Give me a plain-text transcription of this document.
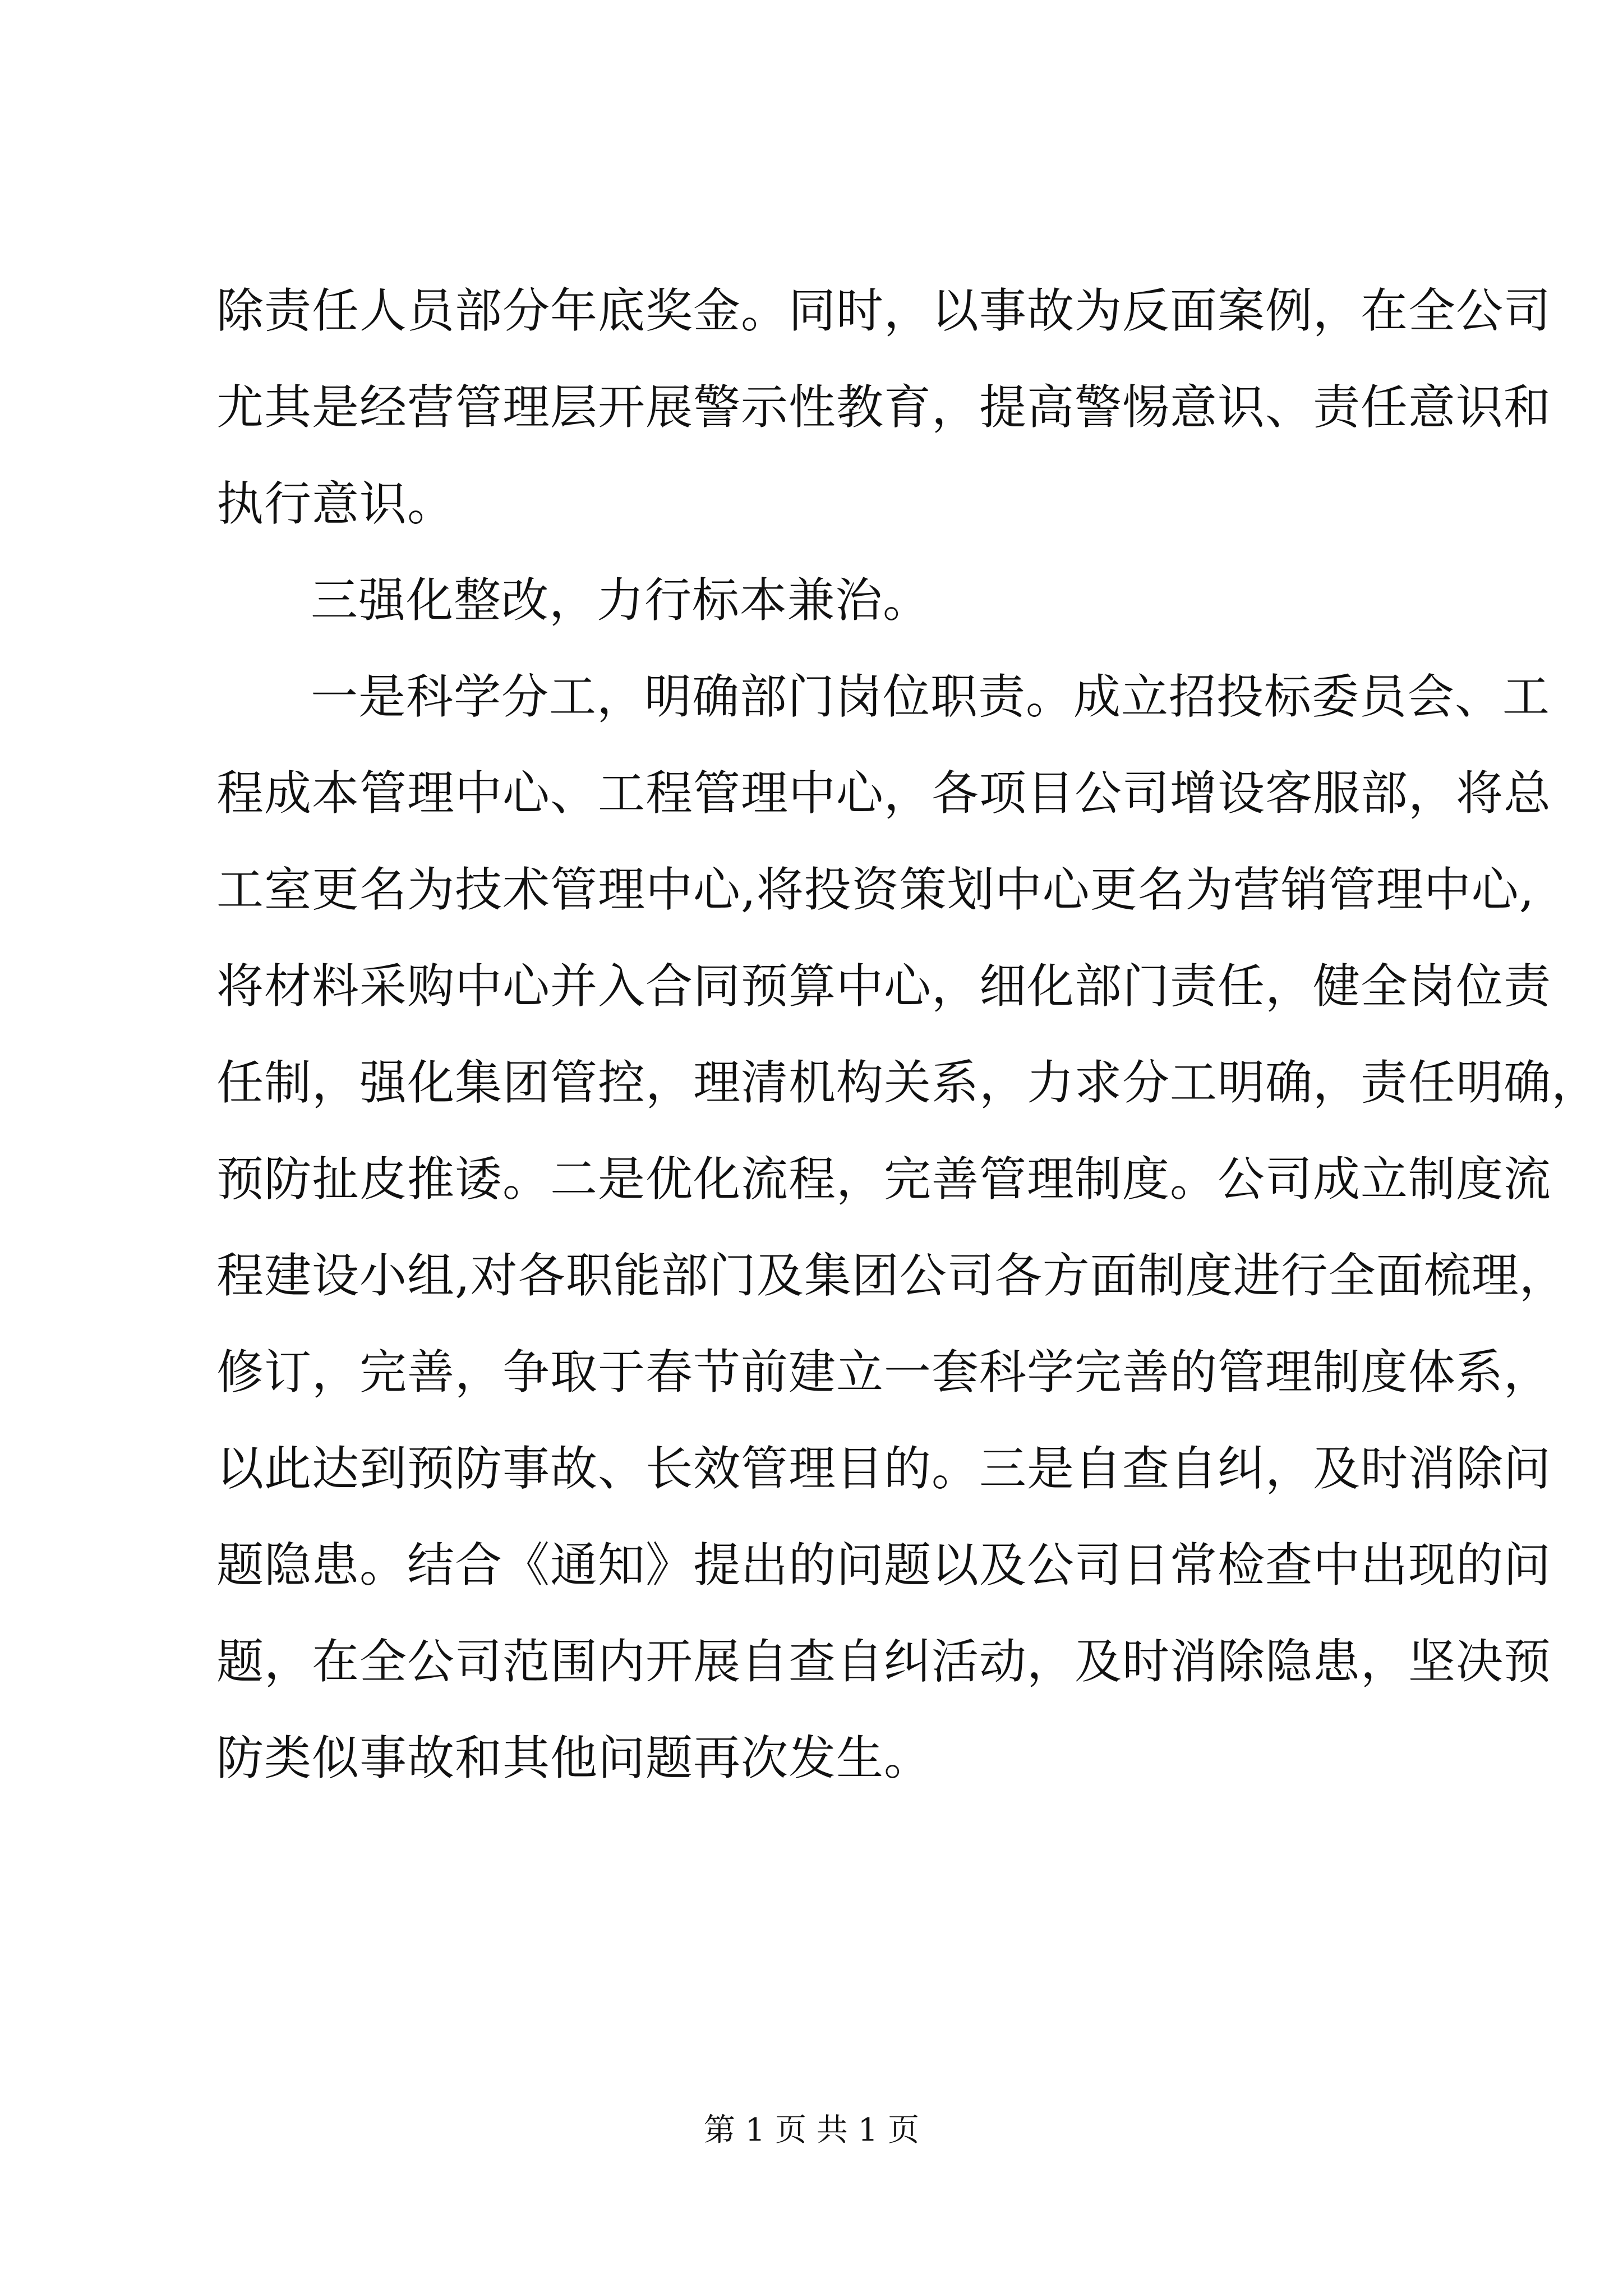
除责任人员部分年底奖金。同时，以事故为反面案例，在全公司
尤其是经营管理层开展警示性教育，提高警惕意识、责任意识和
执行意识。
三强化整改，力行标本兼治。
一是科学分工，明确部门岗位职责。成立招投标委员会、工
程成本管理中心、工程管理中心，各项目公司增设客服部，将总
工室更名为技术管理中心,将投资策划中心更名为营销管理中心,
将材料采购中心并入合同预算中心，细化部门责任，健全岗位责
任制，强化集团管控，理清机构关系，力求分工明确，责任明确，
预防扯皮推诿。二是优化流程，完善管理制度。公司成立制度流
程建设小组,对各职能部门及集团公司各方面制度进行全面梳理，
修订，完善，争取于春节前建立一套科学完善的管理制度体系，
以此达到预防事故、长效管理目的。三是自查自纠，及时消除问
题隐患。结合《通知》提出的问题以及公司日常检查中出现的问
题，在全公司范围内开展自查自纠活动，及时消除隐患，坚决预
防类似事故和其他问题再次发生。
第 1 页 共 1 页
